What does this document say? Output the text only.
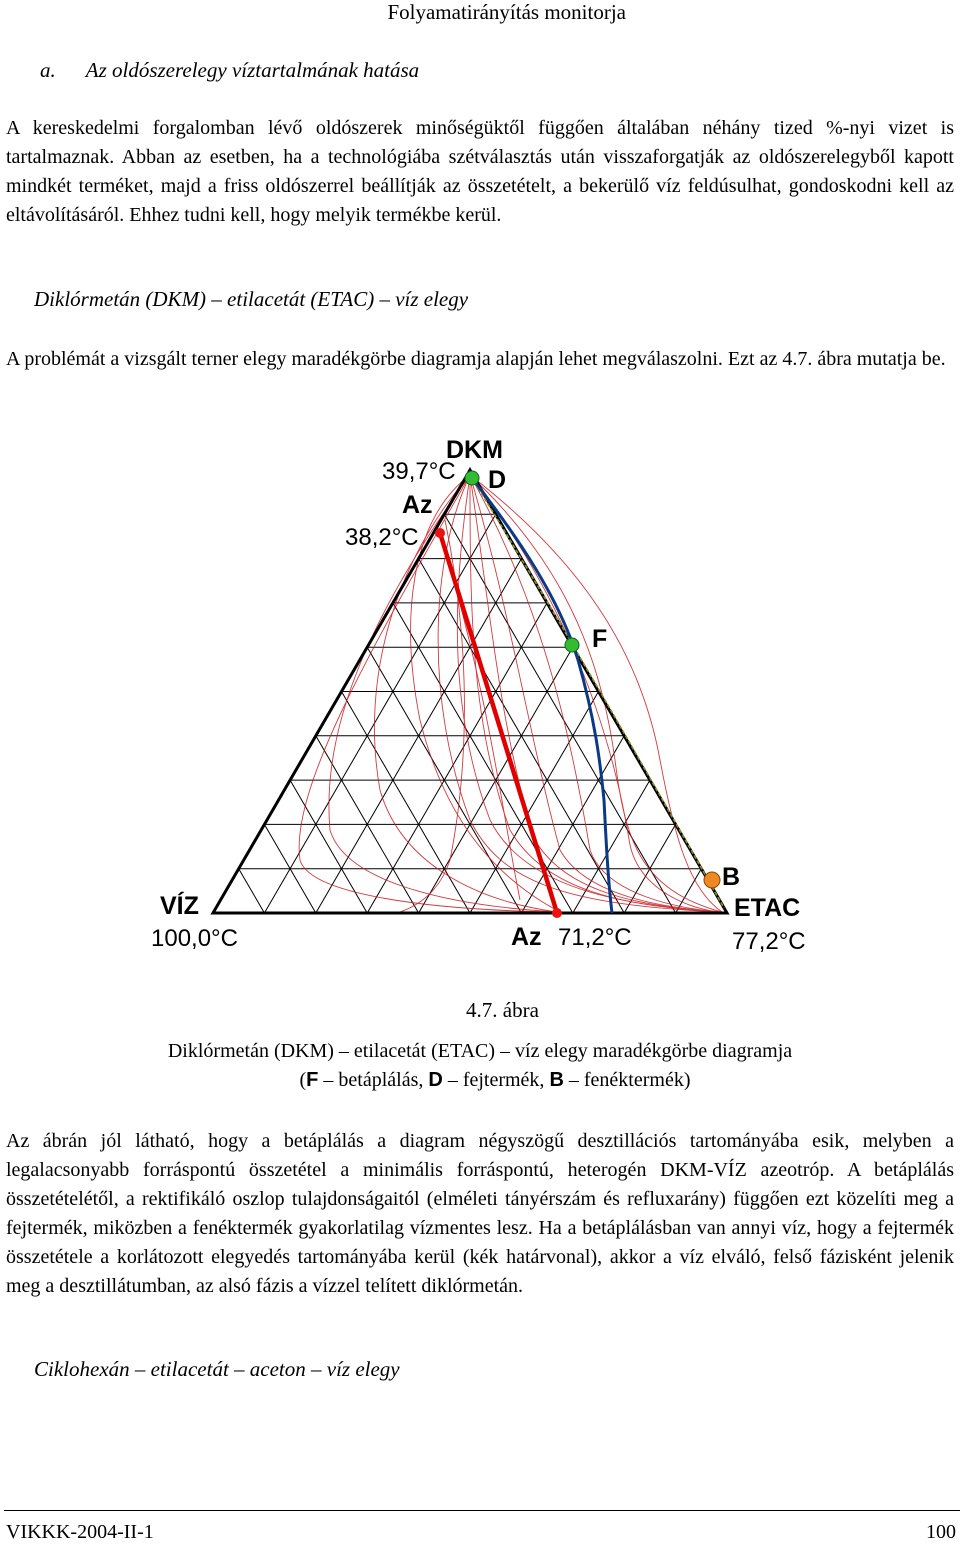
Folyamatirányítás monitorja
a. Az oldószerelegy víztartalmának hatása

A kereskedelmi forgalomban lévő oldószerek minőségüktől függően általában néhány tized %-nyi vizet is tartalmaznak. Abban az esetben, ha a technológiába szétválasztás után visszaforgatják az oldószerelegyből kapott mindkét terméket, majd a friss oldószerrel beállítják az összetételt, a bekerülő víz feldúsulhat, gondoskodni kell az eltávolításáról. Ehhez tudni kell, hogy melyik termékbe kerül.

Diklórmetán (DKM) – etilacetát (ETAC) – víz elegy

A problémát a vizsgált terner elegy maradékgörbe diagramja alapján lehet megválaszolni. Ezt az 4.7. ábra mutatja be.

DKM
39,7°C D
Az
38,2°C
F
B
ETAC
77,2°C
VÍZ
100,0°C	Az 71,2°C
4.7. ábra
Diklórmetán (DKM) – etilacetát (ETAC) – víz elegy maradékgörbe diagramja
(F – betáplálás, D – fejtermék, B – fenéktermék)

Az ábrán jól látható, hogy a betáplálás a diagram négyszögű desztillációs tartományába esik, melyben a legalacsonyabb forráspontú összetétel a minimális forráspontú, heterogén DKM-VÍZ azeotróp. A betáplálás összetételétől, a rektifikáló oszlop tulajdonságaitól (elméleti tányérszám és refluxarány) függően ezt közelíti meg a fejtermék, miközben a fenéktermék gyakorlatilag vízmentes lesz. Ha a betáplálásban van annyi víz, hogy a fejtermék összetétele a korlátozott elegyedés tartományába kerül (kék határvonal), akkor a víz elváló, felső fázisként jelenik meg a desztillátumban, az alsó fázis a vízzel telített diklórmetán.

Ciklohexán – etilacetát – aceton – víz elegy
VIKKK-2004-II-1	100
